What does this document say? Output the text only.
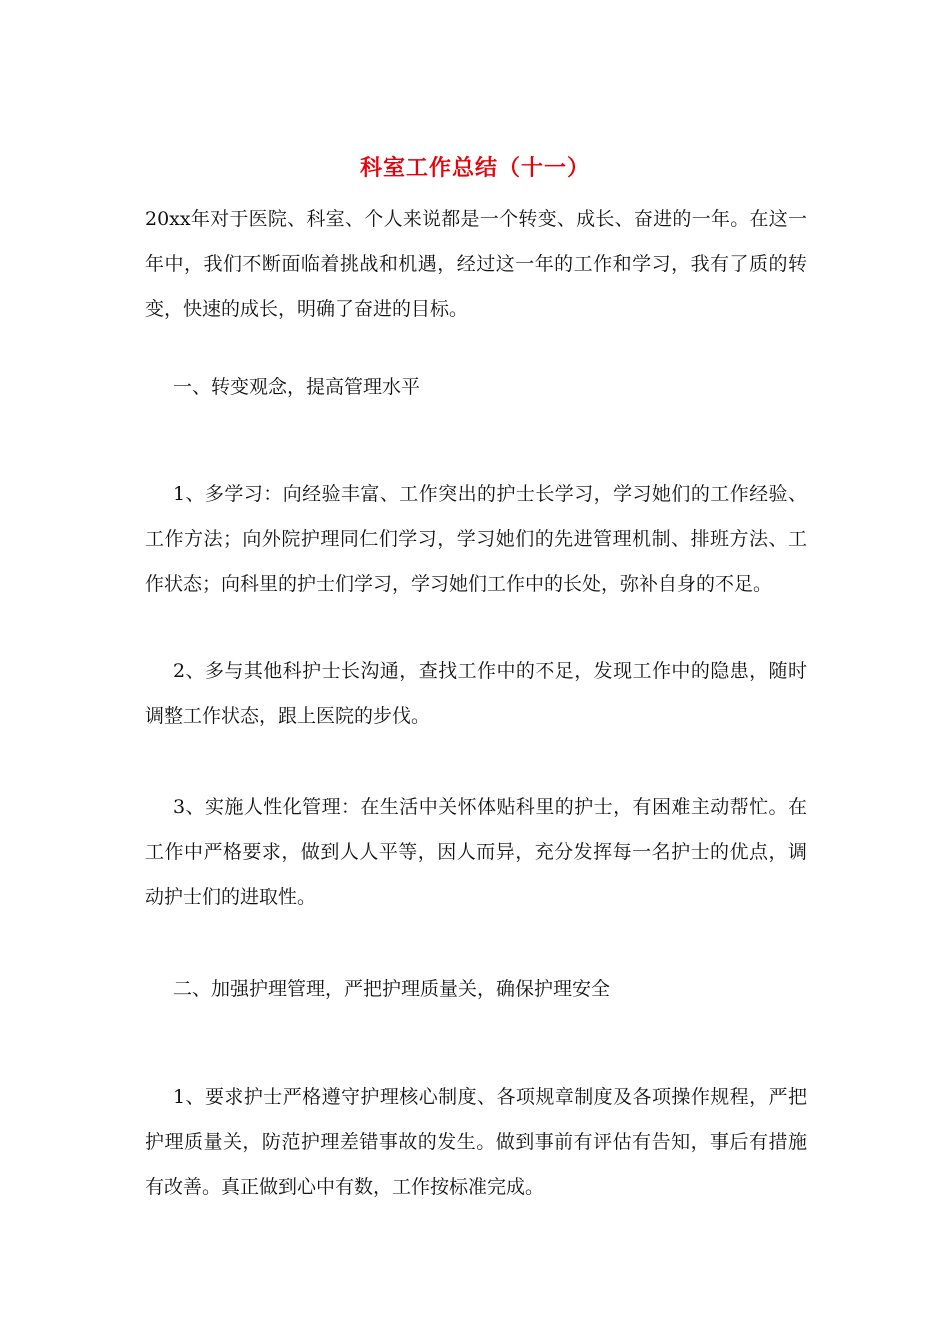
科室工作总结（十一）

20xx年对于医院、科室、个人来说都是一个转变、成长、奋进的一年。在这一年中，我们不断面临着挑战和机遇，经过这一年的工作和学习，我有了质的转变，快速的成长，明确了奋进的目标。

一、转变观念，提高管理水平

1、多学习：向经验丰富、工作突出的护士长学习，学习她们的工作经验、工作方法；向外院护理同仁们学习，学习她们的先进管理机制、排班方法、工作状态；向科里的护士们学习，学习她们工作中的长处，弥补自身的不足。

2、多与其他科护士长沟通，查找工作中的不足，发现工作中的隐患，随时调整工作状态，跟上医院的步伐。

3、实施人性化管理：在生活中关怀体贴科里的护士，有困难主动帮忙。在工作中严格要求，做到人人平等，因人而异，充分发挥每一名护士的优点，调动护士们的进取性。

二、加强护理管理，严把护理质量关，确保护理安全

1、要求护士严格遵守护理核心制度、各项规章制度及各项操作规程，严把护理质量关，防范护理差错事故的发生。做到事前有评估有告知，事后有措施有改善。真正做到心中有数，工作按标准完成。
